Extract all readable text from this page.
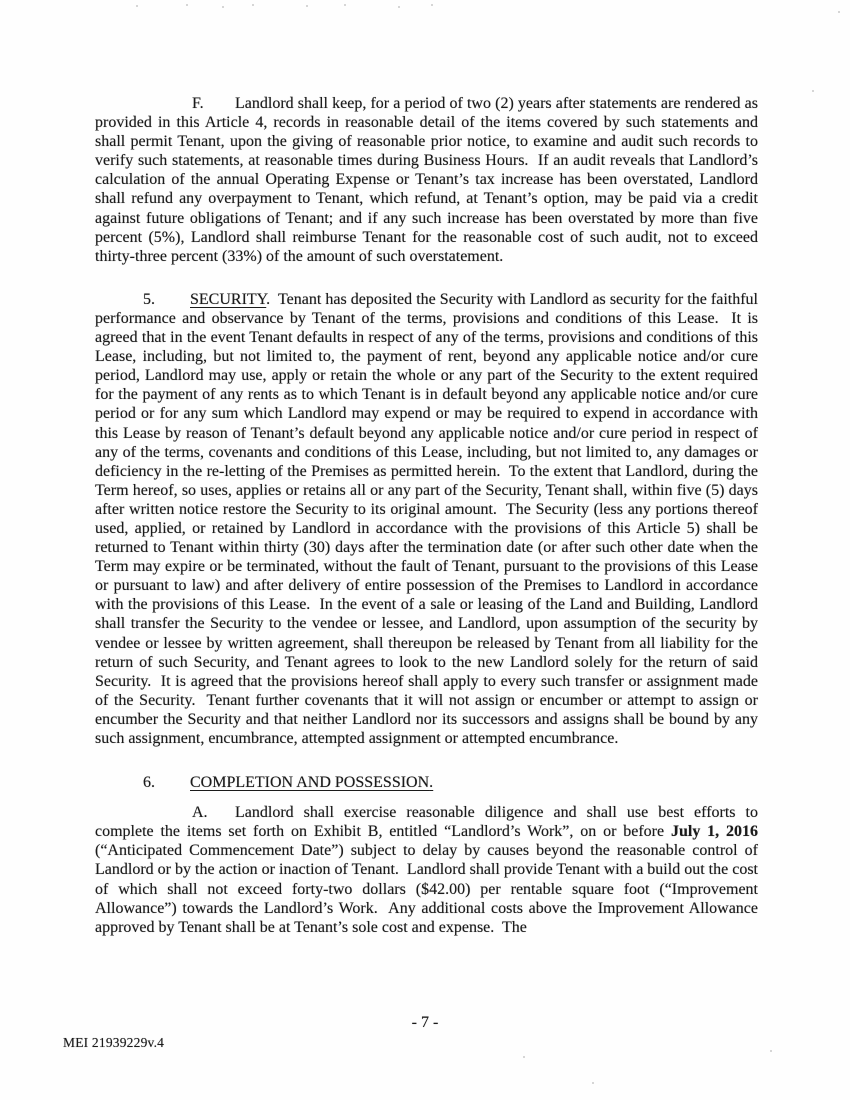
F. Landlord shall keep, for a period of two (2) years after statements are rendered as provided in this Article 4, records in reasonable detail of the items covered by such statements and shall permit Tenant, upon the giving of reasonable prior notice, to examine and audit such records to verify such statements, at reasonable times during Business Hours.  If an audit reveals that Landlord’s calculation of the annual Operating Expense or Tenant’s tax increase has been overstated, Landlord shall refund any overpayment to Tenant, which refund, at Tenant’s option, may be paid via a credit against future obligations of Tenant; and if any such increase has been overstated by more than five percent (5%), Landlord shall reimburse Tenant for the reasonable cost of such audit, not to exceed thirty-three percent (33%) of the amount of such overstatement.

5. SECURITY.  Tenant has deposited the Security with Landlord as security for the faithful performance and observance by Tenant of the terms, provisions and conditions of this Lease.  It is agreed that in the event Tenant defaults in respect of any of the terms, provisions and conditions of this Lease, including, but not limited to, the payment of rent, beyond any applicable notice and/or cure period, Landlord may use, apply or retain the whole or any part of the Security to the extent required for the payment of any rents as to which Tenant is in default beyond any applicable notice and/or cure period or for any sum which Landlord may expend or may be required to expend in accordance with this Lease by reason of Tenant’s default beyond any applicable notice and/or cure period in respect of any of the terms, covenants and conditions of this Lease, including, but not limited to, any damages or deficiency in the re-letting of the Premises as permitted herein.  To the extent that Landlord, during the Term hereof, so uses, applies or retains all or any part of the Security, Tenant shall, within five (5) days after written notice restore the Security to its original amount.  The Security (less any portions thereof used, applied, or retained by Landlord in accordance with the provisions of this Article 5) shall be returned to Tenant within thirty (30) days after the termination date (or after such other date when the Term may expire or be terminated, without the fault of Tenant, pursuant to the provisions of this Lease or pursuant to law) and after delivery of entire possession of the Premises to Landlord in accordance with the provisions of this Lease.  In the event of a sale or leasing of the Land and Building, Landlord shall transfer the Security to the vendee or lessee, and Landlord, upon assumption of the security by vendee or lessee by written agreement, shall thereupon be released by Tenant from all liability for the return of such Security, and Tenant agrees to look to the new Landlord solely for the return of said Security.  It is agreed that the provisions hereof shall apply to every such transfer or assignment made of the Security.  Tenant further covenants that it will not assign or encumber or attempt to assign or encumber the Security and that neither Landlord nor its successors and assigns shall be bound by any such assignment, encumbrance, attempted assignment or attempted encumbrance.

6. COMPLETION AND POSSESSION.

A. Landlord shall exercise reasonable diligence and shall use best efforts to complete the items set forth on Exhibit B, entitled “Landlord’s Work”, on or before July 1, 2016 (“Anticipated Commencement Date”) subject to delay by causes beyond the reasonable control of Landlord or by the action or inaction of Tenant.  Landlord shall provide Tenant with a build out the cost of which shall not exceed forty-two dollars ($42.00) per rentable square foot (“Improvement Allowance”) towards the Landlord’s Work.  Any additional costs above the Improvement Allowance approved by Tenant shall be at Tenant’s sole cost and expense.  The

- 7 -
MEI 21939229v.4
